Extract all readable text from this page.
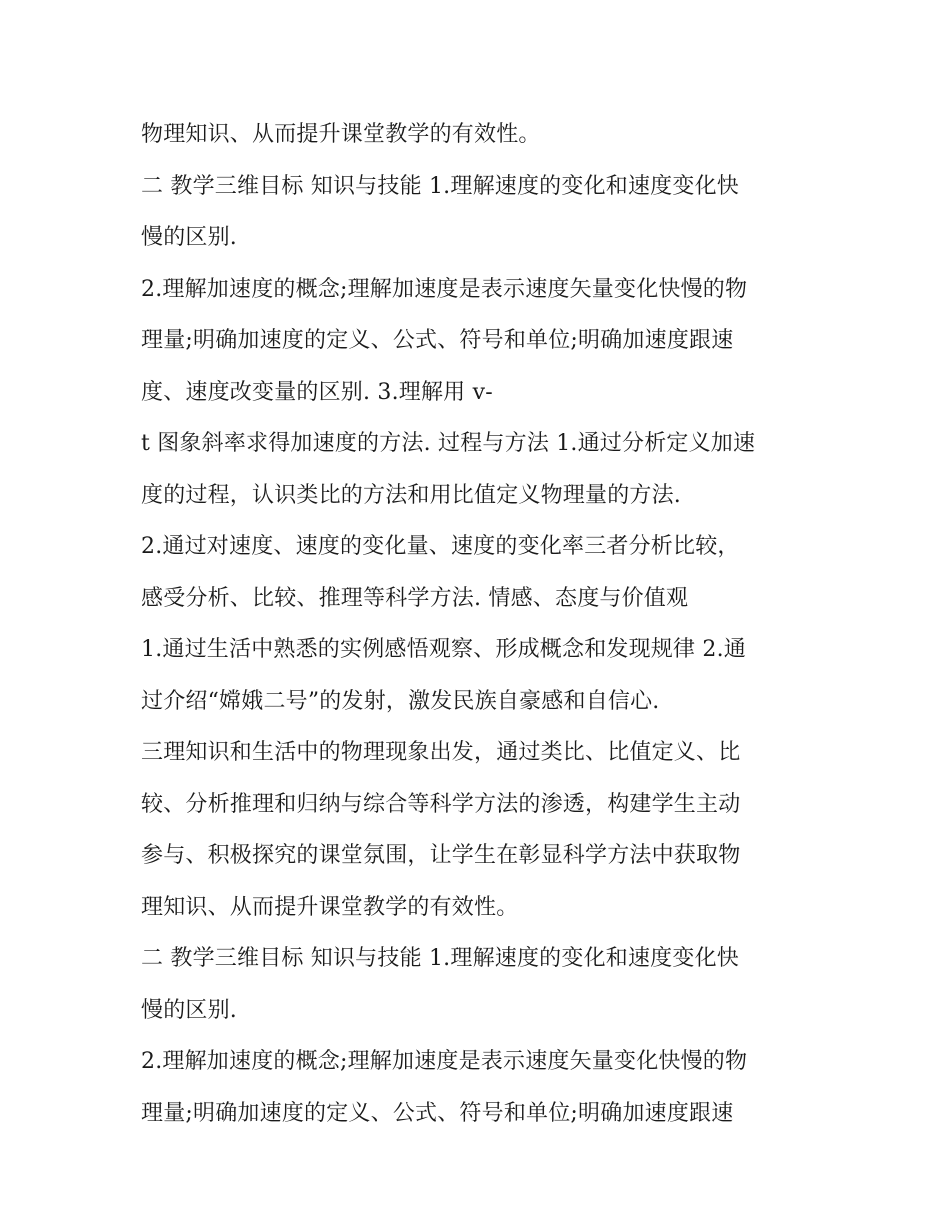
物理知识、从而提升课堂教学的有效性。
二 教学三维目标 知识与技能 1.理解速度的变化和速度变化快
慢的区别.
2.理解加速度的概念;理解加速度是表示速度矢量变化快慢的物
理量;明确加速度的定义、公式、符号和单位;明确加速度跟速
度、速度改变量的区别. 3.理解用 v-
t 图象斜率求得加速度的方法. 过程与方法 1.通过分析定义加速
度的过程，认识类比的方法和用比值定义物理量的方法.
2.通过对速度、速度的变化量、速度的变化率三者分析比较，
感受分析、比较、推理等科学方法. 情感、态度与价值观
1.通过生活中熟悉的实例感悟观察、形成概念和发现规律 2.通
过介绍“嫦娥二号”的发射，激发民族自豪感和自信心.
三理知识和生活中的物理现象出发，通过类比、比值定义、比
较、分析推理和归纳与综合等科学方法的渗透，构建学生主动
参与、积极探究的课堂氛围，让学生在彰显科学方法中获取物
理知识、从而提升课堂教学的有效性。
二 教学三维目标 知识与技能 1.理解速度的变化和速度变化快
慢的区别.
2.理解加速度的概念;理解加速度是表示速度矢量变化快慢的物
理量;明确加速度的定义、公式、符号和单位;明确加速度跟速
